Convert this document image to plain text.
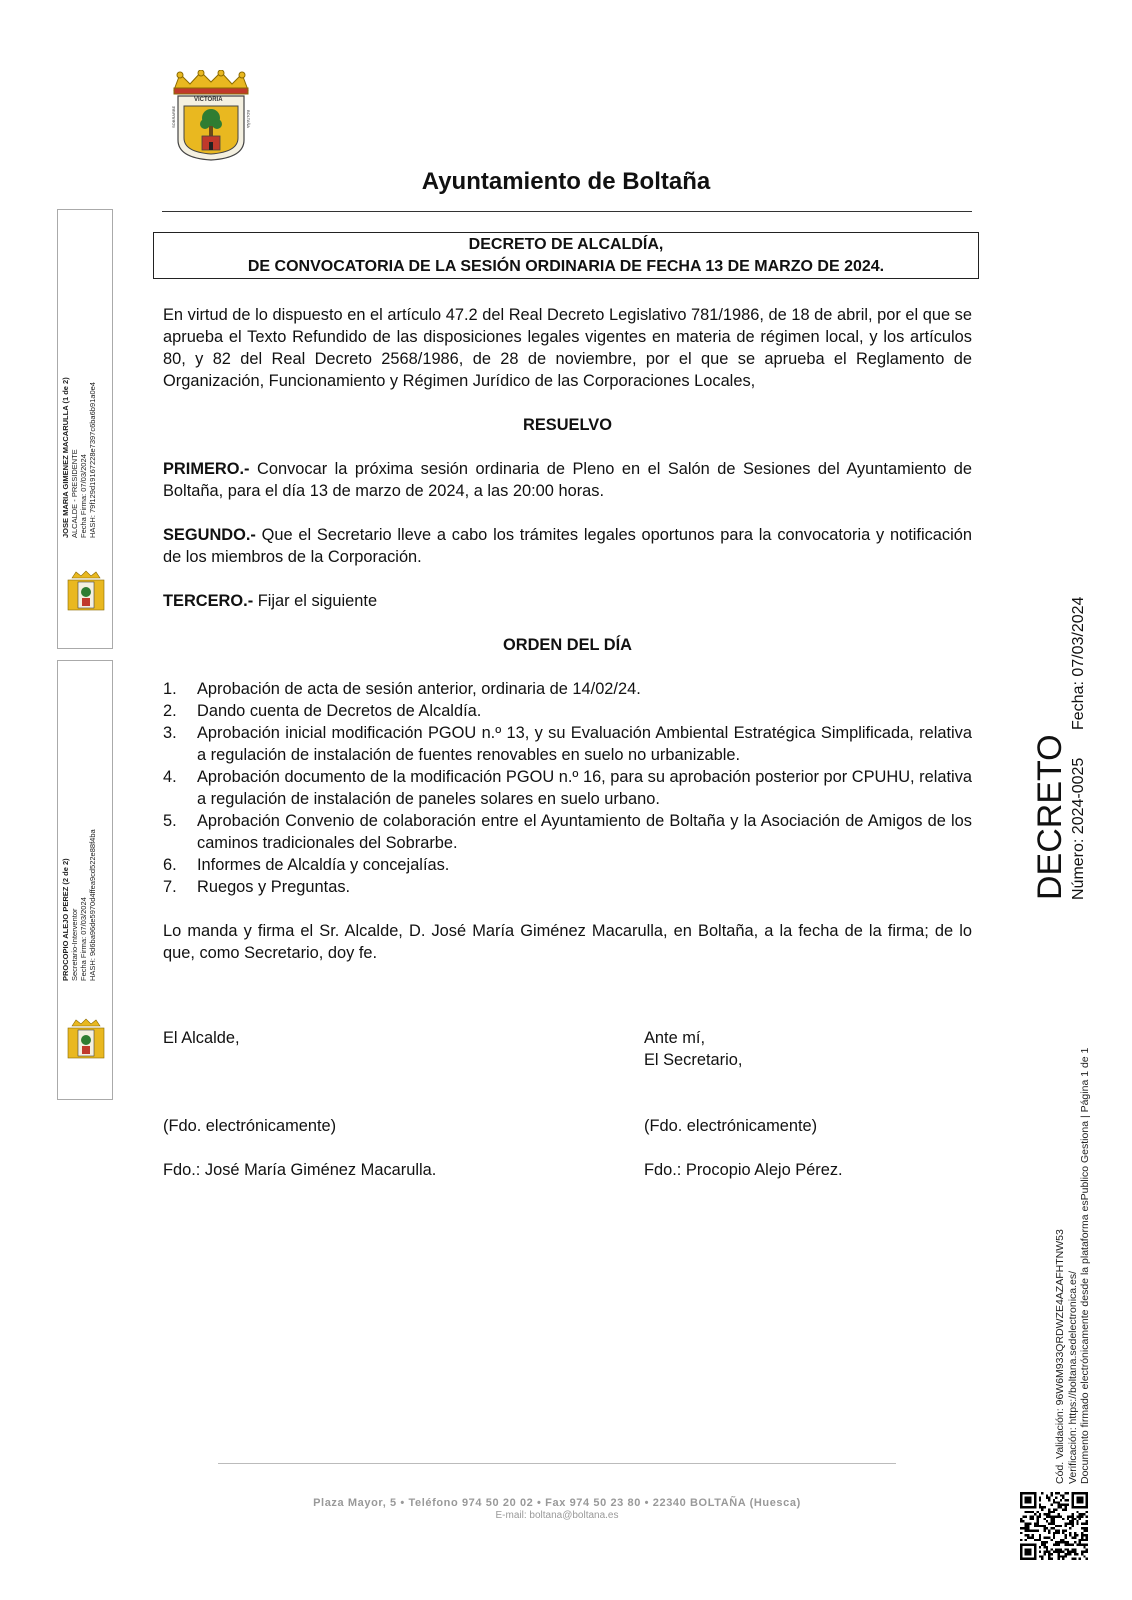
VICTORIA
SOBRARBE	BOLTAÑA
Ayuntamiento de Boltaña
DECRETO DE ALCALDÍA,
DE CONVOCATORIA DE LA SESIÓN ORDINARIA DE FECHA 13 DE MARZO DE 2024.

En virtud de lo dispuesto en el artículo 47.2 del Real Decreto Legislativo 781/1986, de 18 de abril, por el que se aprueba el Texto Refundido de las disposiciones legales vigentes en materia de régimen local, y los artículos 80, y 82 del Real Decreto 2568/1986, de 28 de noviembre, por el que se aprueba el Reglamento de Organización, Funcionamiento y Régimen Jurídico de las Corporaciones Locales,

RESUELVO

PRIMERO.- Convocar la próxima sesión ordinaria de Pleno en el Salón de Sesiones del Ayuntamiento de Boltaña, para el día 13 de marzo de 2024, a las 20:00 horas.

SEGUNDO.- Que el Secretario lleve a cabo los trámites legales oportunos para la convocatoria y notificación de los miembros de la Corporación.

TERCERO.- Fijar el siguiente

ORDEN DEL DÍA

1. Aprobación de acta de sesión anterior, ordinaria de 14/02/24.
2. Dando cuenta de Decretos de Alcaldía.
3. Aprobación inicial modificación PGOU n.º 13, y su Evaluación Ambiental Estratégica Simplificada, relativa a regulación de instalación de fuentes renovables en suelo no urbanizable.
4. Aprobación documento de la modificación PGOU n.º 16, para su aprobación posterior por CPUHU, relativa a regulación de instalación de paneles solares en suelo urbano.
5. Aprobación Convenio de colaboración entre el Ayuntamiento de Boltaña y la Asociación de Amigos de los caminos tradicionales del Sobrarbe.
6. Informes de Alcaldía y concejalías.
7. Ruegos y Preguntas.

Lo manda y firma el Sr. Alcalde, D. José María Giménez Macarulla, en Boltaña, a la fecha de la firma; de lo que, como Secretario, doy fe.

El Alcalde,
(Fdo. electrónicamente)
Fdo.: José María Giménez Macarulla.
Ante mí,
El Secretario,
(Fdo. electrónicamente)
Fdo.: Procopio Alejo Pérez.
Plaza Mayor, 5 • Teléfono 974 50 20 02 • Fax 974 50 23 80 • 22340 BOLTAÑA (Huesca)
E-mail: boltana@boltana.es
JOSE MARIA GIMENEZ MACARULLA (1 de 2) ALCALDE - PRESIDENTE Fecha Firma: 07/03/2024 HASH: 79f129d19167228e7397c6ba6b91a0e4
PROCOPIO ALEJO PEREZ (2 de 2) Secretario-Interventor Fecha Firma: 07/03/2024 HASH: 9d6ba96de5970d4ffea9cd522e88f4ba
DECRETO Número: 2024-0025
Fecha: 07/03/2024
Cód. Validación: 96W6M933QRDWZE4AZAFHTNW53 Verificación: https://boltana.sedelectronica.es/ Documento firmado electrónicamente desde la plataforma esPublico Gestiona | Página 1 de 1
